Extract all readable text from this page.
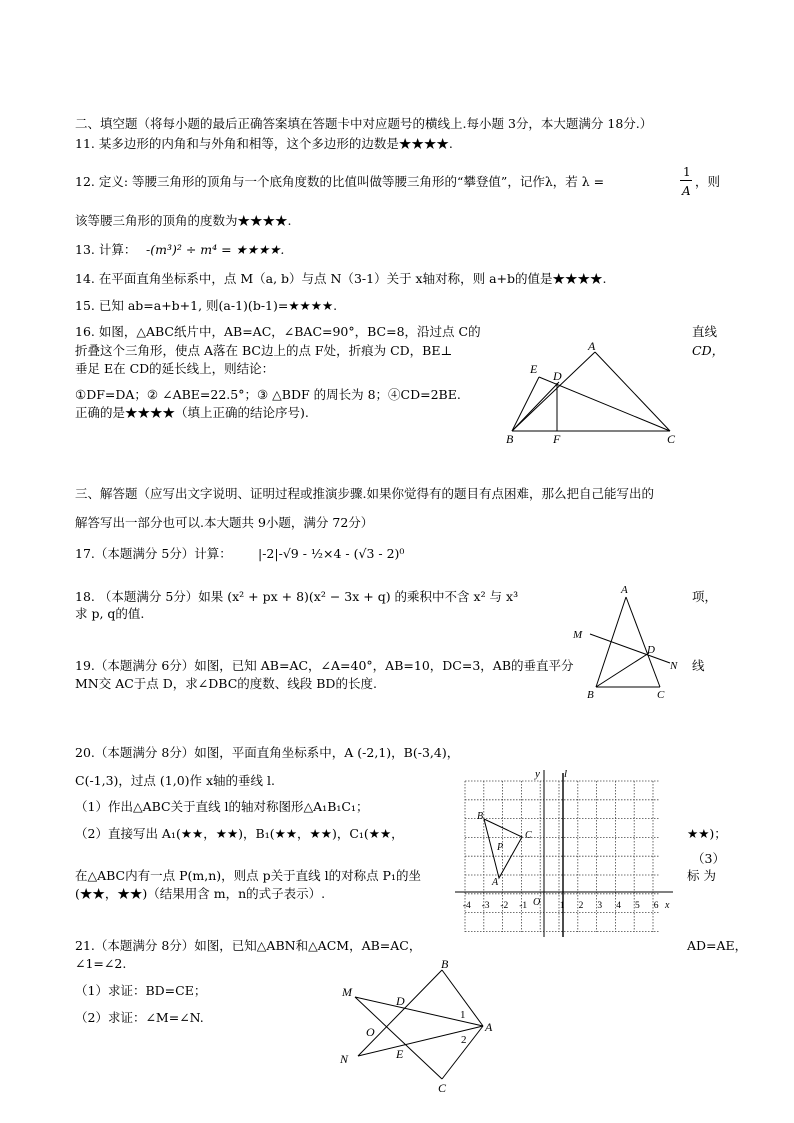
二、填空题（将每小题的最后正确答案填在答题卡中对应题号的横线上.每小题 3分，本大题满分 18分.）
11. 某多边形的内角和与外角和相等，这个多边形的边数是★★★★.
12. 定义: 等腰三角形的顶角与一个底角度数的比值叫做等腰三角形的“攀登值”，记作λ，若 λ =
1
A
，则
该等腰三角形的顶角的度数为★★★★.
13. 计算： -(m³)² ÷ m⁴ = ★★★★.
14. 在平面直角坐标系中，点 M（a, b）与点 N（3-1）关于 x轴对称，则 a+b的值是★★★★.
15. 已知 ab=a+b+1, 则(a-1)(b-1)=★★★★.
16. 如图，△ABC纸片中，AB=AC，∠BAC=90°，BC=8，沿过点 C的	直线
折叠这个三角形，使点 A落在 BC边上的点 F处，折痕为 CD，BE⊥	CD，
垂足 E在 CD的延长线上，则结论：
①DF=DA；② ∠ABE=22.5°；③ △BDF 的周长为 8；④CD=2BE.
正确的是★★★★（填上正确的结论序号).
A
E D
B	F	C
三、解答题（应写出文字说明、证明过程或推演步骤.如果你觉得有的题目有点困难，那么把自己能写出的
解答写出一部分也可以.本大题共 9小题，满分 72分）
17.（本题满分 5分）计算： |-2|-√9 - ½×4 - (√3 - 2)⁰
18. （本题满分 5分）如果 (x² + px + 8)(x² − 3x + q) 的乘积中不含 x² 与 x³	项，
求 p, q的值.
19.（本题满分 6分）如图，已知 AB=AC，∠A=40°，AB=10，DC=3，AB的垂直平分	线
MN交 AC于点 D，求∠DBC的度数、线段 BD的长度.
A
M
D
N
B	C
20.（本题满分 8分）如图，平面直角坐标系中，A (-2,1)，B(-3,4)，
C(-1,3)，过点 (1,0)作 x轴的垂线 l.
（1）作出△ABC关于直线 l的轴对称图形△A₁B₁C₁；
（2）直接写出 A₁(★★，★★)，B₁(★★，★★)，C₁(★★，	★★)；
（3）
在△ABC内有一点 P(m,n)，则点 p关于直线 l的对称点 P₁的坐	标 为
(★★，★★)（结果用含 m，n的式子表示）.
y l
x
O
-4 -3 -2 -1	1 2 3 4 5 6
B
C
P
A
21.（本题满分 8分）如图，已知△ABN和△ACM，AB=AC，	AD=AE，
∠1=∠2.
（1）求证：BD=CE；
（2）求证：∠M=∠N.
B
M
D
O
1
A
2
N	E
C
